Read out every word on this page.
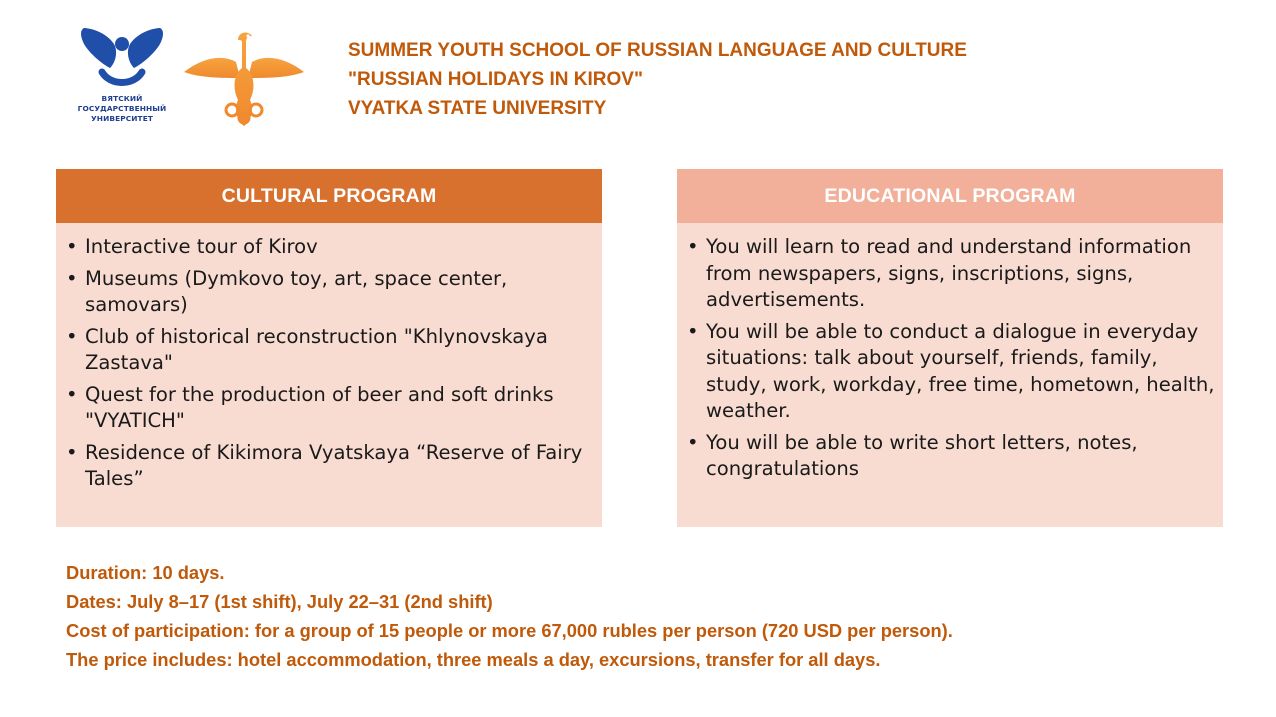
ВЯТСКИЙ
ГОСУДАРСТВЕННЫЙ
УНИВЕРСИТЕТ
SUMMER YOUTH SCHOOL OF RUSSIAN LANGUAGE AND CULTURE
"RUSSIAN HOLIDAYS IN KIROV"
VYATKA STATE UNIVERSITY
CULTURAL PROGRAM
• Interactive tour of Kirov
• Museums (Dymkovo toy, art, space center, samovars)
• Club of historical reconstruction "Khlynovskaya Zastava"
• Quest for the production of beer and soft drinks "VYATICH"
• Residence of Kikimora Vyatskaya “Reserve of Fairy Tales”
EDUCATIONAL PROGRAM
• You will learn to read and understand information from newspapers, signs, inscriptions, signs, advertisements.
• You will be able to conduct a dialogue in everyday situations: talk about yourself, friends, family, study, work, workday, free time, hometown, health, weather.
• You will be able to write short letters, notes, congratulations
Duration: 10 days.
Dates: July 8–17 (1st shift), July 22–31 (2nd shift)
Cost of participation: for a group of 15 people or more 67,000 rubles per person (720 USD per person).
The price includes: hotel accommodation, three meals a day, excursions, transfer for all days.
